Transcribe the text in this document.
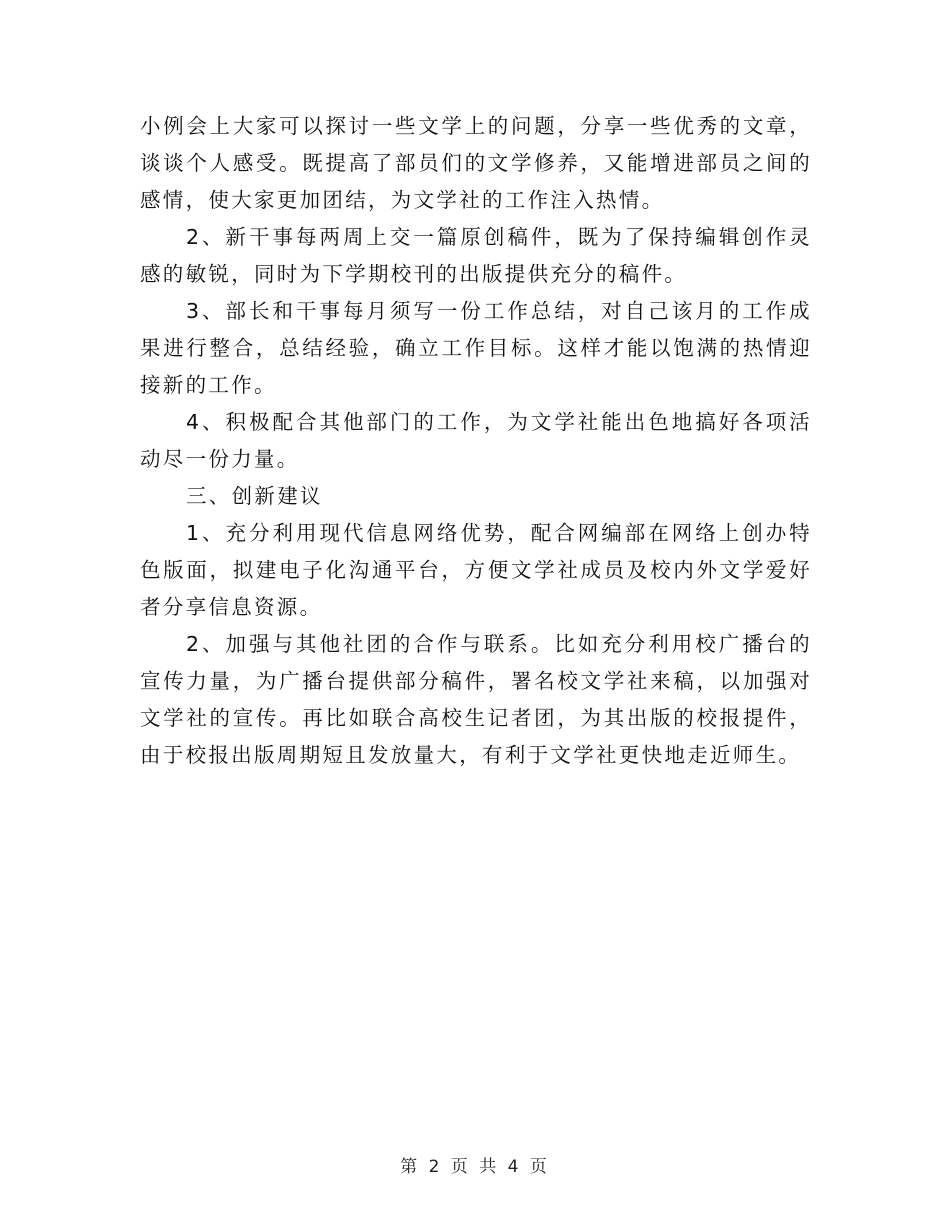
小例会上大家可以探讨一些文学上的问题，分享一些优秀的文章，谈谈个人感受。既提高了部员们的文学修养，又能增进部员之间的感情，使大家更加团结，为文学社的工作注入热情。

2、新干事每两周上交一篇原创稿件，既为了保持编辑创作灵感的敏锐，同时为下学期校刊的出版提供充分的稿件。

3、部长和干事每月须写一份工作总结，对自己该月的工作成果进行整合，总结经验，确立工作目标。这样才能以饱满的热情迎接新的工作。

4、积极配合其他部门的工作，为文学社能出色地搞好各项活动尽一份力量。

三、创新建议

1、充分利用现代信息网络优势，配合网编部在网络上创办特色版面，拟建电子化沟通平台，方便文学社成员及校内外文学爱好者分享信息资源。

2、加强与其他社团的合作与联系。比如充分利用校广播台的宣传力量，为广播台提供部分稿件，署名校文学社来稿，以加强对文学社的宣传。再比如联合高校生记者团，为其出版的校报提件，由于校报出版周期短且发放量大，有利于文学社更快地走近师生。

第 2 页 共 4 页
